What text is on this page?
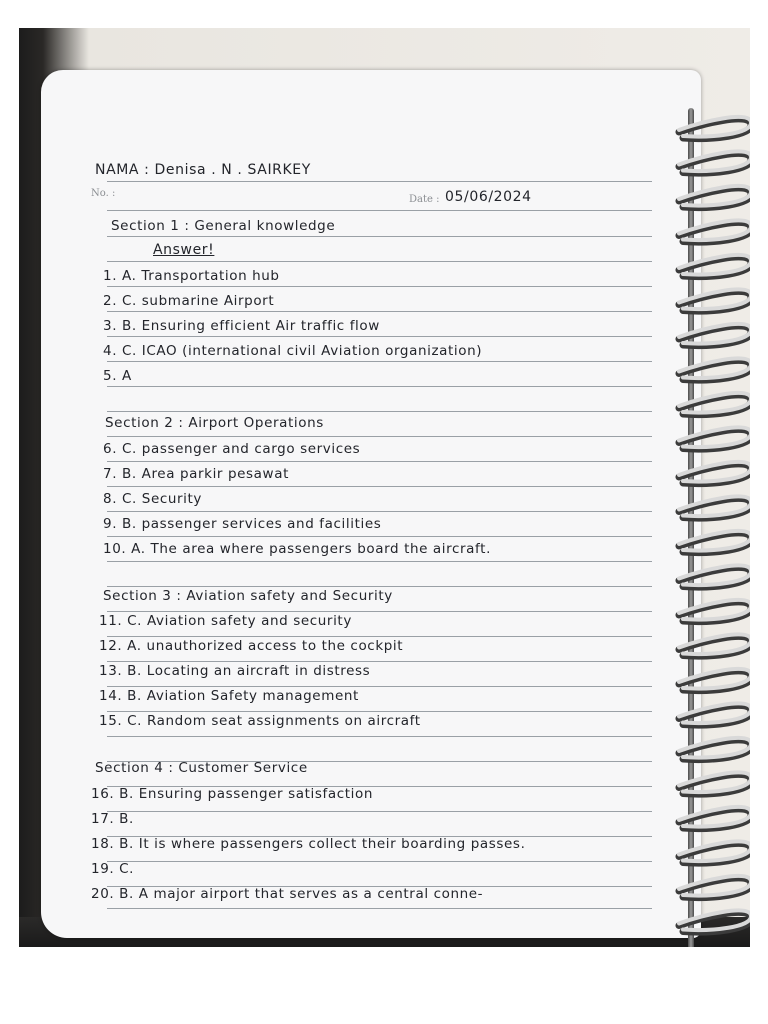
NAMA : Denisa . N . SAIRKEY
No. :
Date : 05/06/2024
Section 1 : General knowledge
Answer!
1. A. Transportation hub
2. C. submarine Airport
3. B. Ensuring efficient Air traffic flow
4. C. ICAO (international civil Aviation organization)
5. A
Section 2 : Airport Operations
6. C. passenger and cargo services
7. B. Area parkir pesawat
8. C. Security
9. B. passenger services and facilities
10. A. The area where passengers board the aircraft.
Section 3 : Aviation safety and Security
11. C. Aviation safety and security
12. A. unauthorized access to the cockpit
13. B. Locating an aircraft in distress
14. B. Aviation Safety management
15. C. Random seat assignments on aircraft
Section 4 : Customer Service
16. B. Ensuring passenger satisfaction
17. B.
18. B. It is where passengers collect their boarding passes.
19. C.
20. B. A major airport that serves as a central conne-
